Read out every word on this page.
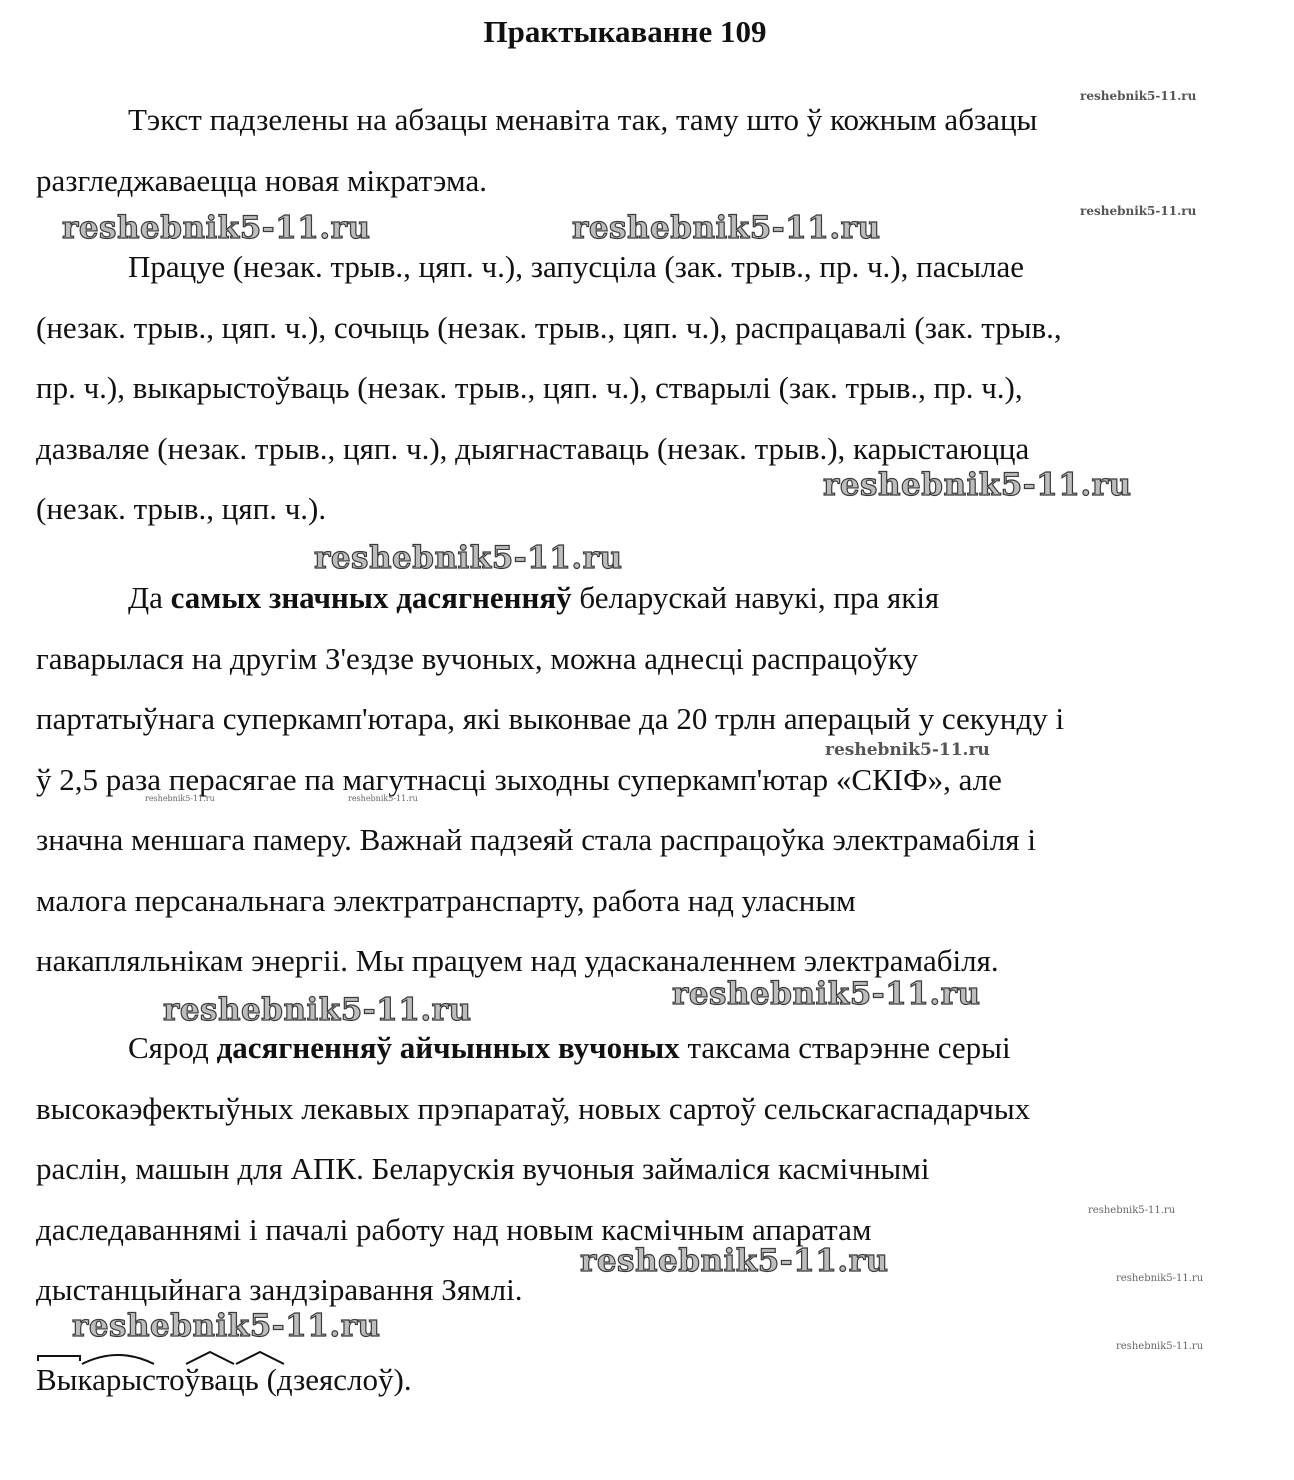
Практыкаванне 109
Тэкст падзелены на абзацы менавіта так, таму што ў кожным абзацы
разгледжаваецца новая мікратэма.
Працуе (незак. трыв., цяп. ч.), запусціла (зак. трыв., пр. ч.), пасылае
(незак. трыв., цяп. ч.), сочыць (незак. трыв., цяп. ч.), распрацавалі (зак. трыв.,
пр. ч.), выкарыстоўваць (незак. трыв., цяп. ч.), стварылі (зак. трыв., пр. ч.),
дазваляе (незак. трыв., цяп. ч.), дыягнаставаць (незак. трыв.), карыстаюцца
(незак. трыв., цяп. ч.).
Да самых значных дасягненняў беларускай навукі, пра якія
гаварылася на другім З'ездзе вучоных, можна аднесці распрацоўку
партатыўнага суперкамп'ютара, які выконвае да 20 трлн аперацый у секунду і
ў 2,5 раза перасягае па магутнасці зыходны суперкамп'ютар «СКІФ», але
значна меншага памеру. Важнай падзеяй стала распрацоўка электрамабіля і
малога персанальнага электратранспарту, работа над уласным
накапляльнікам энергіі. Мы працуем над удасканаленнем электрамабіля.
Сярод дасягненняў айчынных вучоных таксама стварэнне серыі
высокаэфектыўных лекавых прэпаратаў, новых сартоў сельскагаспадарчых
раслін, машын для АПК. Беларускія вучоныя займаліся касмічнымі
даследаваннямі і пачалі работу над новым касмічным апаратам
дыстанцыйнага зандзіравання Зямлі.
Выкарыстоўваць (дзеяслоў).
reshebnik5-11.ru
reshebnik5-11.ru
reshebnik5-11.ru	reshebnik5-11.ru
reshebnik5-11.ru
reshebnik5-11.ru
reshebnik5-11.ru
reshebnik5-11.ru	reshebnik5-11.ru
reshebnik5-11.ru
reshebnik5-11.ru
reshebnik5-11.ru
reshebnik5-11.ru	reshebnik5-11.ru
reshebnik5-11.ru
reshebnik5-11.ru
